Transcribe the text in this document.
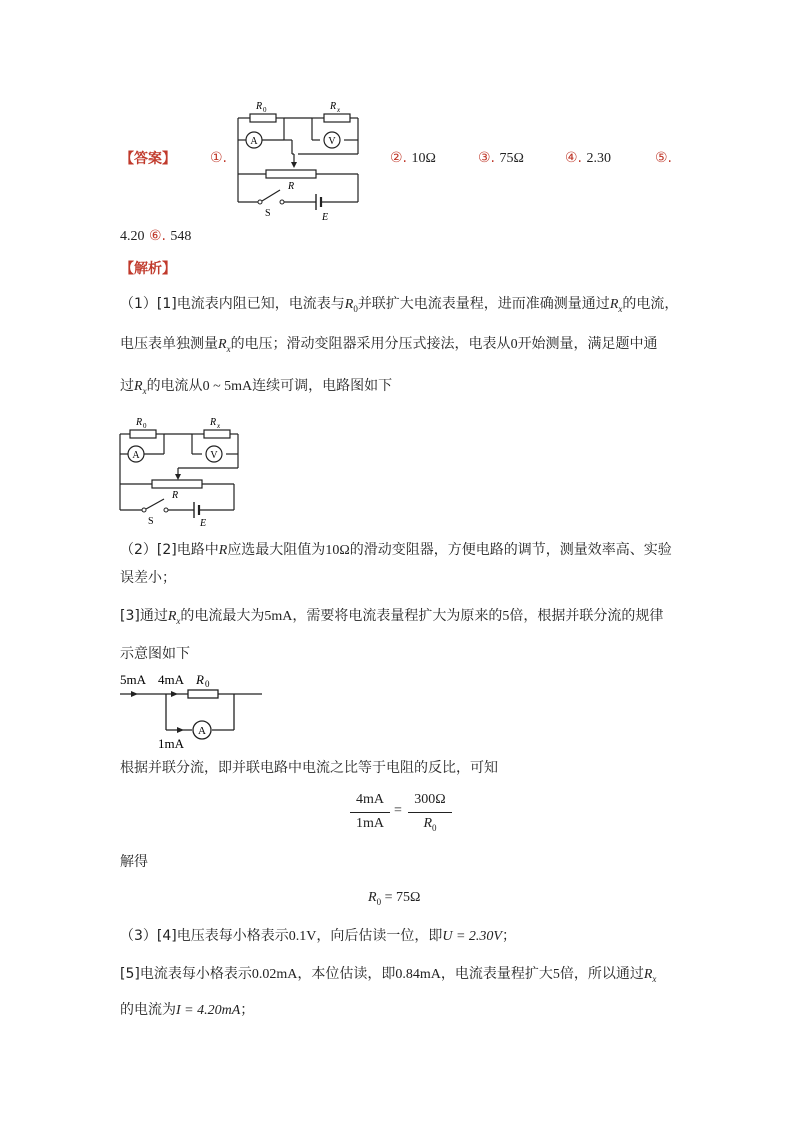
【答案】 ①.
A	V
R 0	R x
R
S	E
②. 10Ω	③. 75Ω	④. 2.30	⑤.
4.20 ⑥. 548
【解析】
（1）[1]电流表内阻已知，电流表与$R_0$并联扩大电流表量程，进而准确测量通过$R_x$的电流，
电压表单独测量$R_x$的电压；滑动变阻器采用分压式接法，电表从0开始测量，满足题中通
过$R_x$的电流从0 ~ 5mA连续可调，电路图如下
A	V
R 0	R x
R
S	E
（2）[2]电路中R应选最大阻值为10Ω的滑动变阻器，方便电路的调节，测量效率高、实验
误差小；
[3]通过$R_x$的电流最大为5mA，需要将电流表量程扩大为原来的5倍，根据并联分流的规律
示意图如下
A
5mA 4mA R 0
1mA
根据并联分流，即并联电路中电流之比等于电阻的反比，可知
4mA
1mA
=
300Ω
$R_0$
解得
$R_0 = 75\Omega$
（3）[4]电压表每小格表示0.1V，向后估读一位，即U = 2.30V；
[5]电流表每小格表示0.02mA，本位估读，即0.84mA，电流表量程扩大5倍，所以通过$R_x$
的电流为I = 4.20mA；
